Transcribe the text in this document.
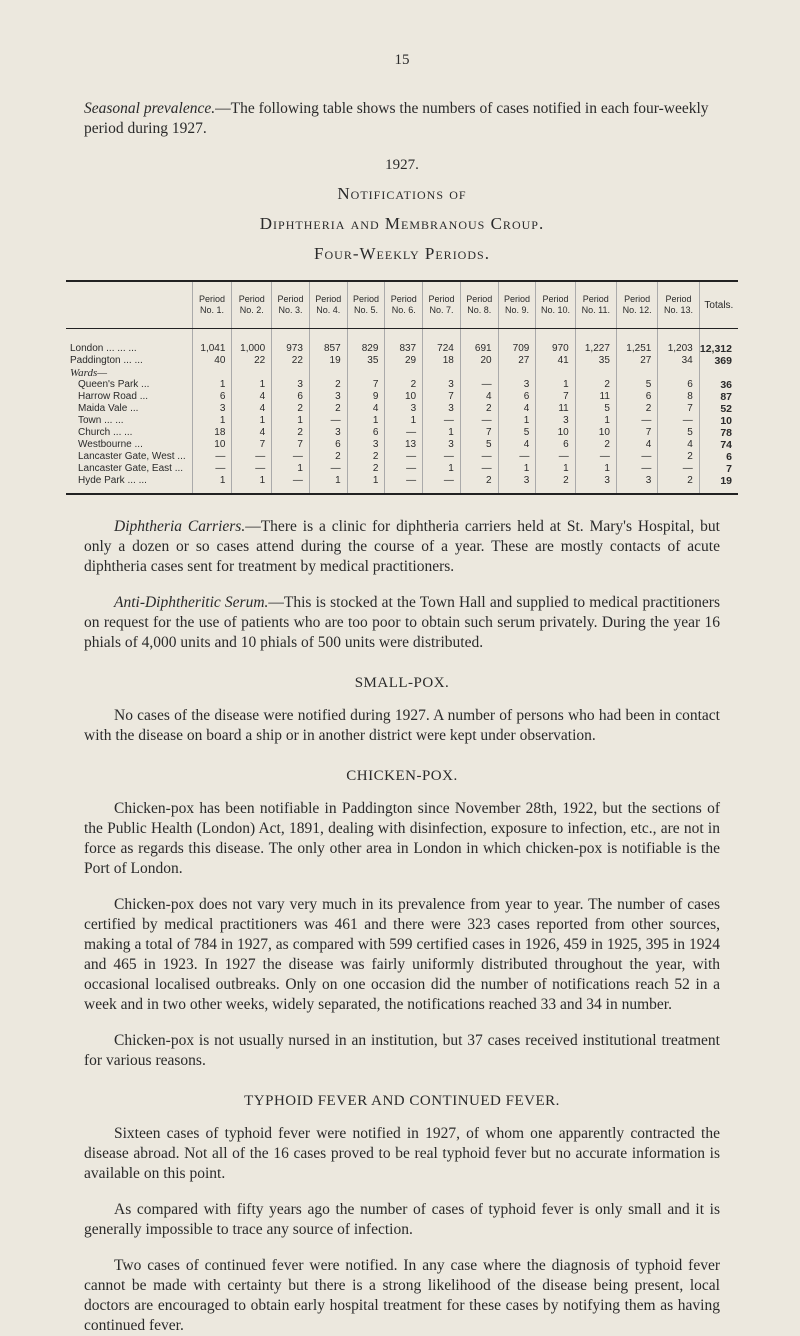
15
Seasonal prevalence.—The following table shows the numbers of cases notified in each four-weekly period during 1927.
1927.
Notifications of
Diphtheria and Membranous Croup.
Four-Weekly Periods.
	Period No. 1.	Period No. 2.	Period No. 3.	Period No. 4.	Period No. 5.	Period No. 6.	Period No. 7.	Period No. 8.	Period No. 9.	Period No. 10.	Period No. 11.	Period No. 12.	Period No. 13.	Totals.
London ... ... ...	1,041	1,000	973	857	829	837	724	691	709	970	1,227	1,251	1,203	12,312
Paddington ... ...	40	22	22	19	35	29	18	20	27	41	35	27	34	369
Wards—														
Queen's Park ...	1	1	3	2	7	2	3	—	3	1	2	5	6	36
Harrow Road ...	6	4	6	3	9	10	7	4	6	7	11	6	8	87
Maida Vale ...	3	4	2	2	4	3	3	2	4	11	5	2	7	52
Town ... ...	1	1	1	—	1	1	—	—	1	3	1	—	—	10
Church ... ...	18	4	2	3	6	—	1	7	5	10	10	7	5	78
Westbourne ...	10	7	7	6	3	13	3	5	4	6	2	4	4	74
Lancaster Gate, West ...	—	—	—	2	2	—	—	—	—	—	—	—	2	6
Lancaster Gate, East ...	—	—	1	—	2	—	1	—	1	1	1	—	—	7
Hyde Park ... ...	1	1	—	1	1	—	—	2	3	2	3	3	2	19

Diphtheria Carriers.—There is a clinic for diphtheria carriers held at St. Mary's Hospital, but only a dozen or so cases attend during the course of a year. These are mostly contacts of acute diphtheria cases sent for treatment by medical practitioners.

Anti-Diphtheritic Serum.—This is stocked at the Town Hall and supplied to medical practitioners on request for the use of patients who are too poor to obtain such serum privately. During the year 16 phials of 4,000 units and 10 phials of 500 units were distributed.

SMALL-POX.

No cases of the disease were notified during 1927. A number of persons who had been in contact with the disease on board a ship or in another district were kept under observation.

CHICKEN-POX.

Chicken-pox has been notifiable in Paddington since November 28th, 1922, but the sections of the Public Health (London) Act, 1891, dealing with disinfection, exposure to infection, etc., are not in force as regards this disease. The only other area in London in which chicken-pox is notifiable is the Port of London.

Chicken-pox does not vary very much in its prevalence from year to year. The number of cases certified by medical practitioners was 461 and there were 323 cases reported from other sources, making a total of 784 in 1927, as compared with 599 certified cases in 1926, 459 in 1925, 395 in 1924 and 465 in 1923. In 1927 the disease was fairly uniformly distributed throughout the year, with occasional localised outbreaks. Only on one occasion did the number of notifications reach 52 in a week and in two other weeks, widely separated, the notifications reached 33 and 34 in number.

Chicken-pox is not usually nursed in an institution, but 37 cases received institutional treatment for various reasons.

TYPHOID FEVER AND CONTINUED FEVER.

Sixteen cases of typhoid fever were notified in 1927, of whom one apparently contracted the disease abroad. Not all of the 16 cases proved to be real typhoid fever but no accurate information is available on this point.

As compared with fifty years ago the number of cases of typhoid fever is only small and it is generally impossible to trace any source of infection.

Two cases of continued fever were notified. In any case where the diagnosis of typhoid fever cannot be made with certainty but there is a strong likelihood of the disease being present, local doctors are encouraged to obtain early hospital treatment for these cases by notifying them as having continued fever.
